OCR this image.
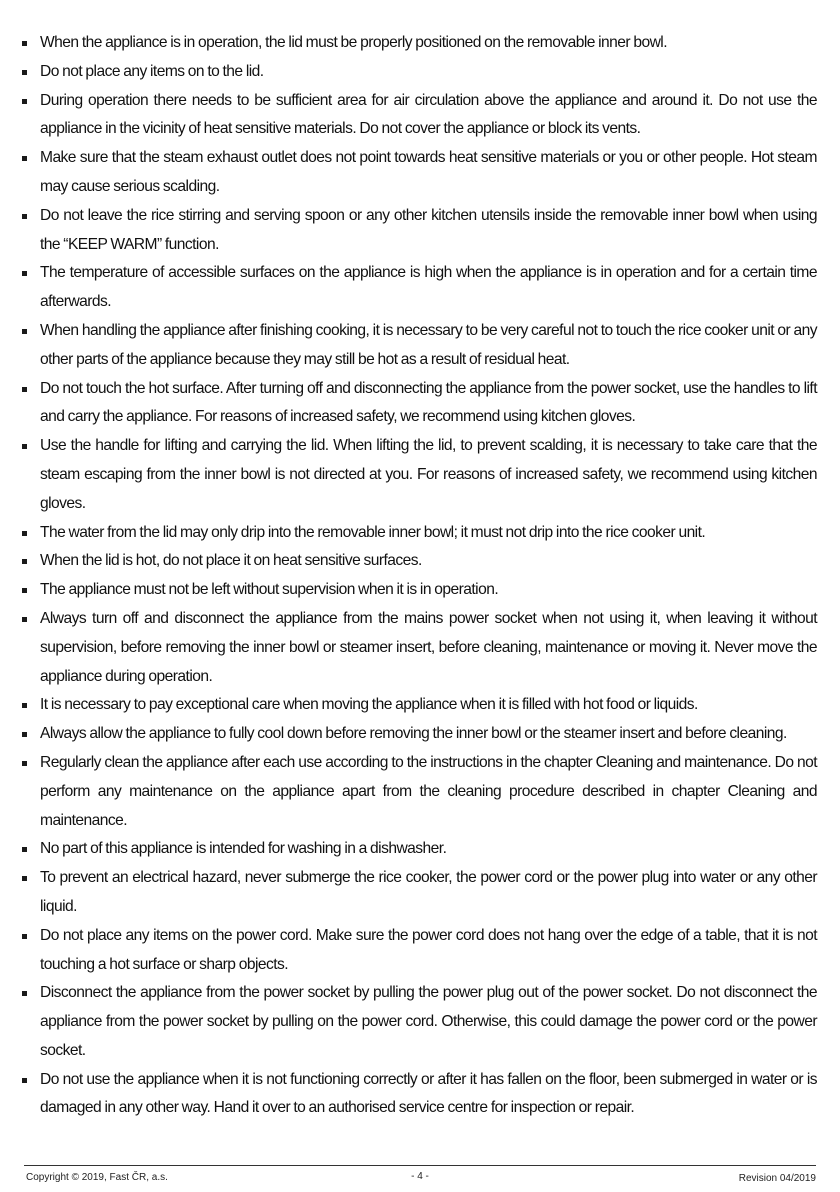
When the appliance is in operation, the lid must be properly positioned on the removable inner bowl.
Do not place any items on to the lid.
During operation there needs to be sufficient area for air circulation above the appliance and around it. Do not use the appliance in the vicinity of heat sensitive materials. Do not cover the appliance or block its vents.
Make sure that the steam exhaust outlet does not point towards heat sensitive materials or you or other people. Hot steam may cause serious scalding.
Do not leave the rice stirring and serving spoon or any other kitchen utensils inside the removable inner bowl when using the “KEEP WARM” function.
The temperature of accessible surfaces on the appliance is high when the appliance is in operation and for a certain time afterwards.
When handling the appliance after finishing cooking, it is necessary to be very careful not to touch the rice cooker unit or any other parts of the appliance because they may still be hot as a result of residual heat.
Do not touch the hot surface. After turning off and disconnecting the appliance from the power socket, use the handles to lift and carry the appliance. For reasons of increased safety, we recommend using kitchen gloves.
Use the handle for lifting and carrying the lid. When lifting the lid, to prevent scalding, it is necessary to take care that the steam escaping from the inner bowl is not directed at you. For reasons of increased safety, we recommend using kitchen gloves.
The water from the lid may only drip into the removable inner bowl; it must not drip into the rice cooker unit.
When the lid is hot, do not place it on heat sensitive surfaces.
The appliance must not be left without supervision when it is in operation.
Always turn off and disconnect the appliance from the mains power socket when not using it, when leaving it without supervision, before removing the inner bowl or steamer insert, before cleaning, maintenance or moving it. Never move the appliance during operation.
It is necessary to pay exceptional care when moving the appliance when it is filled with hot food or liquids.
Always allow the appliance to fully cool down before removing the inner bowl or the steamer insert and before cleaning.
Regularly clean the appliance after each use according to the instructions in the chapter Cleaning and maintenance. Do not perform any maintenance on the appliance apart from the cleaning procedure described in chapter Cleaning and maintenance.
No part of this appliance is intended for washing in a dishwasher.
To prevent an electrical hazard, never submerge the rice cooker, the power cord or the power plug into water or any other liquid.
Do not place any items on the power cord. Make sure the power cord does not hang over the edge of a table, that it is not touching a hot surface or sharp objects.
Disconnect the appliance from the power socket by pulling the power plug out of the power socket. Do not disconnect the appliance from the power socket by pulling on the power cord. Otherwise, this could damage the power cord or the power socket.
Do not use the appliance when it is not functioning correctly or after it has fallen on the floor, been submerged in water or is damaged in any other way. Hand it over to an authorised service centre for inspection or repair.
Copyright © 2019, Fast ČR, a.s.	- 4 -	Revision 04/2019
